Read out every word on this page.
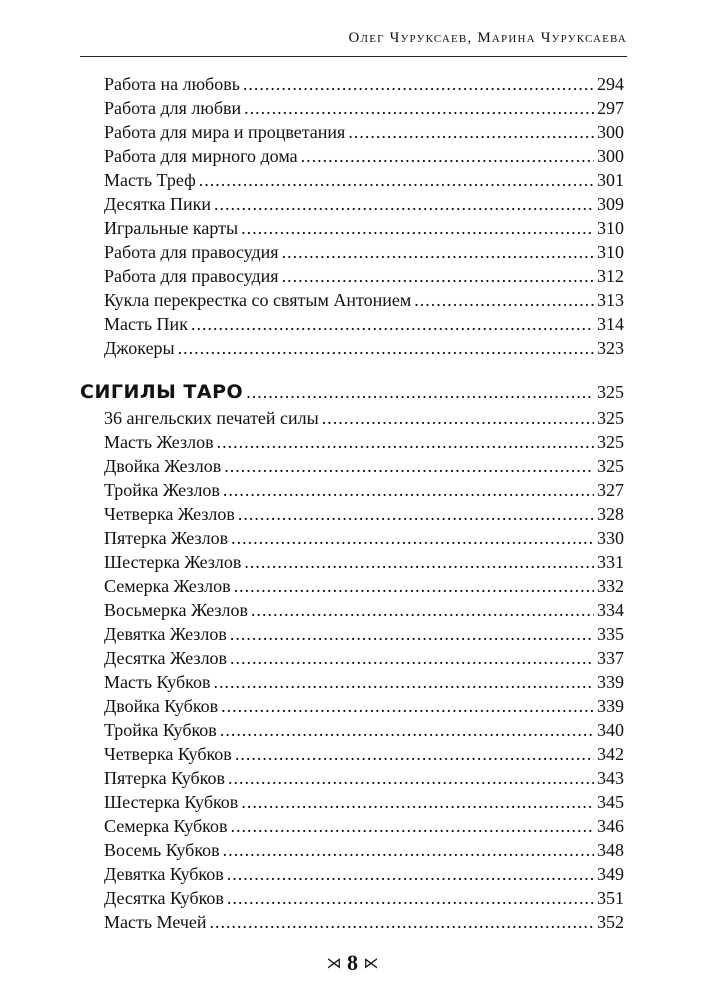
Олег Чуруксаев, Марина Чуруксаева
Работа на любовь .....	294
Работа для любви .....	297
Работа для мира и процветания .....	300
Работа для мирного дома .....	300
Масть Треф .....	301
Десятка Пики .....	309
Игральные карты .....	310
Работа для правосудия .....	310
Работа для правосудия .....	312
Кукла перекрестка со святым Антонием .....	313
Масть Пик .....	314
Джокеры .....	323
СИГИЛЫ ТАРО .....	325
36 ангельских печатей силы .....	325
Масть Жезлов .....	325
Двойка Жезлов .....	325
Тройка Жезлов .....	327
Четверка Жезлов .....	328
Пятерка Жезлов .....	330
Шестерка Жезлов .....	331
Семерка Жезлов .....	332
Восьмерка Жезлов .....	334
Девятка Жезлов .....	335
Десятка Жезлов .....	337
Масть Кубков .....	339
Двойка Кубков .....	339
Тройка Кубков .....	340
Четверка Кубков .....	342
Пятерка Кубков .....	343
Шестерка Кубков .....	345
Семерка Кубков .....	346
Восемь Кубков .....	348
Девятка Кубков .....	349
Десятка Кубков .....	351
Масть Мечей .....	352
⋊ 8 ⋉
